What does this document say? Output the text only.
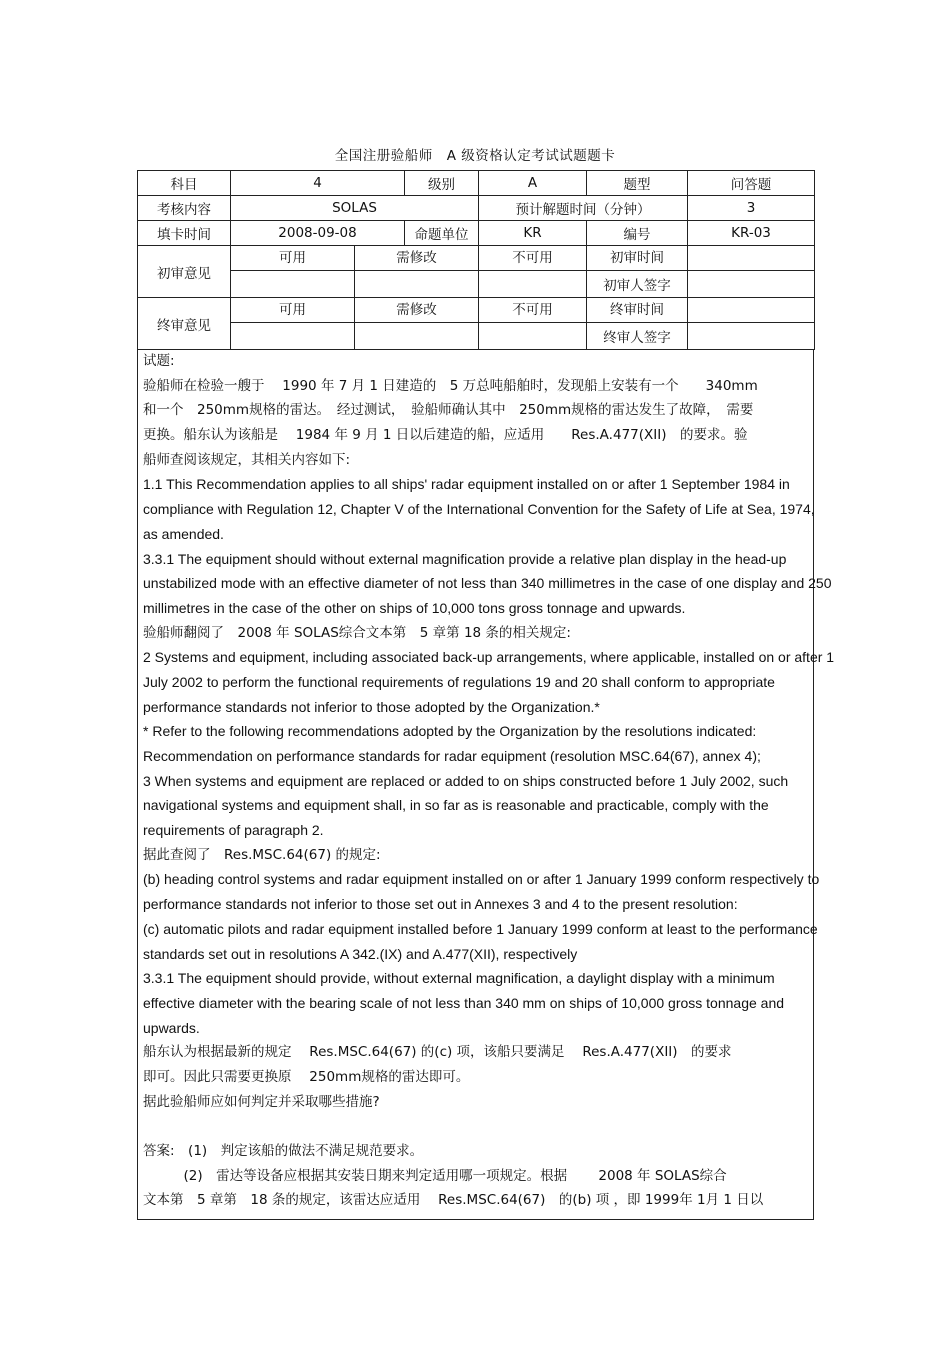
全国注册验船师　A 级资格认定考试试题题卡
科目	4		级别	A	题型	问答题
考核内容	SOLAS			预计解题时间（分钟）		3
填卡时间	2008-09-08		命题单位	KR	编号	KR-03
初审意见	可用	需修改		不可用	初审时间	
					初审人签字	
终审意见	可用	需修改		不可用	终审时间	
					终审人签字	
试题:
验船师在检验一艘于　 1990 年 7 月 1 日建造的　5 万总吨船舶时，发现船上安装有一个　　340mm
和一个　250mm规格的雷达。　经过测试，　验船师确认其中　250mm规格的雷达发生了故障，　需要
更换。船东认为该船是　 1984 年 9 月 1 日以后建造的船，应适用　　Res.A.477(XII)　的要求。验
船师查阅该规定，其相关内容如下:
1.1 This Recommendation applies to all ships' radar equipment installed on or after 1 September 1984 in
compliance with Regulation 12, Chapter V of the International Convention for the Safety of Life at Sea, 1974,
as amended.
3.3.1 The equipment should without external magnification provide a relative plan display in the head-up
unstabilized mode with an effective diameter of not less than 340 millimetres in the case of one display and 250
millimetres in the case of the other on ships of 10,000 tons gross tonnage and upwards.
验船师翻阅了　2008 年 SOLAS综合文本第　5 章第 18 条的相关规定:
2 Systems and equipment, including associated back-up arrangements, where applicable, installed on or after 1
July 2002 to perform the functional requirements of regulations 19 and 20 shall conform to appropriate
performance standards not inferior to those adopted by the Organization.*
* Refer to the following recommendations adopted by the Organization by the resolutions indicated:
Recommendation on performance standards for radar equipment (resolution MSC.64(67), annex 4);
3 When systems and equipment are replaced or added to on ships constructed before 1 July 2002, such
navigational systems and equipment shall, in so far as is reasonable and practicable, comply with the
requirements of paragraph 2.
据此查阅了　Res.MSC.64(67) 的规定:
(b) heading control systems and radar equipment installed on or after 1 January 1999 conform respectively to
performance standards not inferior to those set out in Annexes 3 and 4 to the present resolution:
(c) automatic pilots and radar equipment installed before 1 January 1999 conform at least to the performance
standards set out in resolutions A 342.(IX) and A.477(XII), respectively
3.3.1 The equipment should provide, without external magnification, a daylight display with a minimum
effective diameter with the bearing scale of not less than 340 mm on ships of 10,000 gross tonnage and
upwards.
船东认为根据最新的规定　 Res.MSC.64(67) 的(c) 项，该船只要满足　 Res.A.477(XII)　的要求
即可。因此只需要更换原　 250mm规格的雷达即可。
据此验船师应如何判定并采取哪些措施?
答案:　(1)　判定该船的做法不满足规范要求。
　　　(2)　雷达等设备应根据其安装日期来判定适用哪一项规定。根据　　 2008 年 SOLAS综合
文本第　5 章第　18 条的规定，该雷达应适用　 Res.MSC.64(67)　的(b) 项 ，即 1999年 1月 1 日以
